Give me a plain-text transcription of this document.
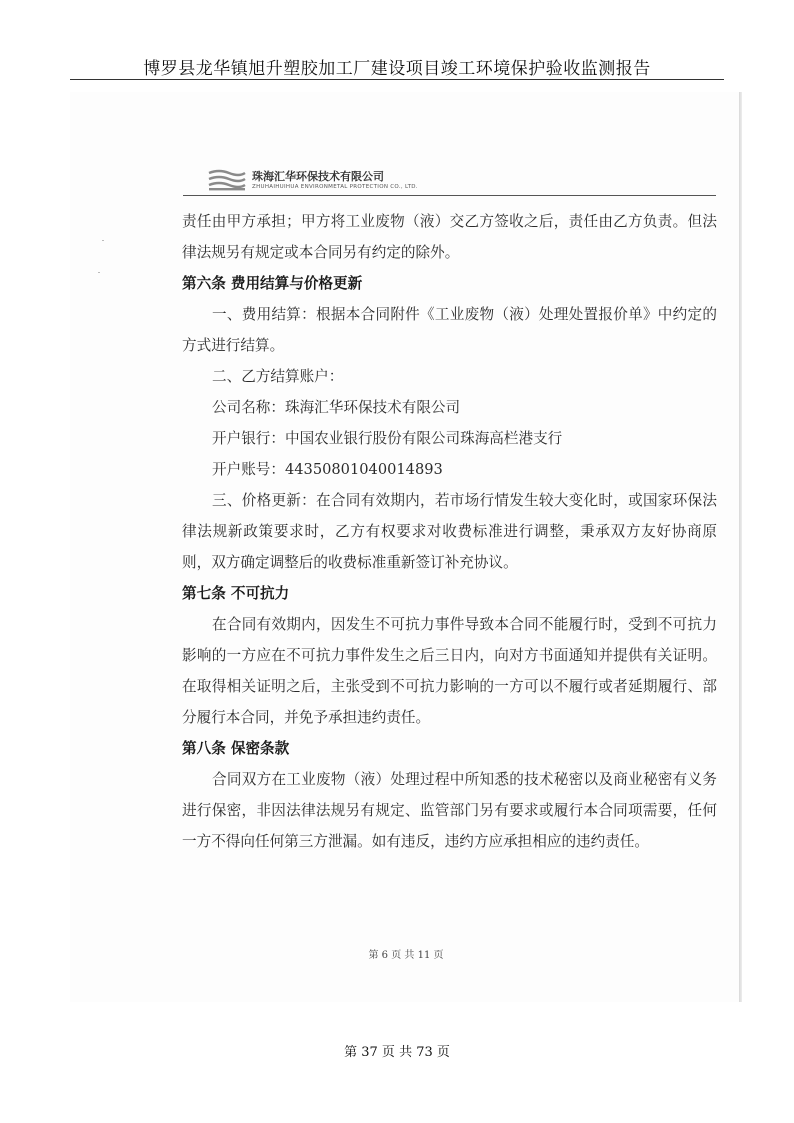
博罗县龙华镇旭升塑胶加工厂建设项目竣工环境保护验收监测报告
珠海汇华环保技术有限公司
ZHUHAIHUIHUA ENVIRONMETAL PROTECTION CO., LTD.

责任由甲方承担；甲方将工业废物（液）交乙方签收之后，责任由乙方负责。但法律法规另有规定或本合同另有约定的除外。

第六条 费用结算与价格更新

一、费用结算：根据本合同附件《工业废物（液）处理处置报价单》中约定的方式进行结算。

二、乙方结算账户：

公司名称：珠海汇华环保技术有限公司

开户银行：中国农业银行股份有限公司珠海高栏港支行

开户账号：44350801040014893

三、价格更新：在合同有效期内，若市场行情发生较大变化时，或国家环保法律法规新政策要求时，乙方有权要求对收费标准进行调整，秉承双方友好协商原则，双方确定调整后的收费标准重新签订补充协议。

第七条 不可抗力

在合同有效期内，因发生不可抗力事件导致本合同不能履行时，受到不可抗力影响的一方应在不可抗力事件发生之后三日内，向对方书面通知并提供有关证明。在取得相关证明之后，主张受到不可抗力影响的一方可以不履行或者延期履行、部分履行本合同，并免予承担违约责任。

第八条 保密条款

合同双方在工业废物（液）处理过程中所知悉的技术秘密以及商业秘密有义务进行保密，非因法律法规另有规定、监管部门另有要求或履行本合同项需要，任何一方不得向任何第三方泄漏。如有违反，违约方应承担相应的违约责任。

第 6 页 共 11 页
第 37 页 共 73 页
